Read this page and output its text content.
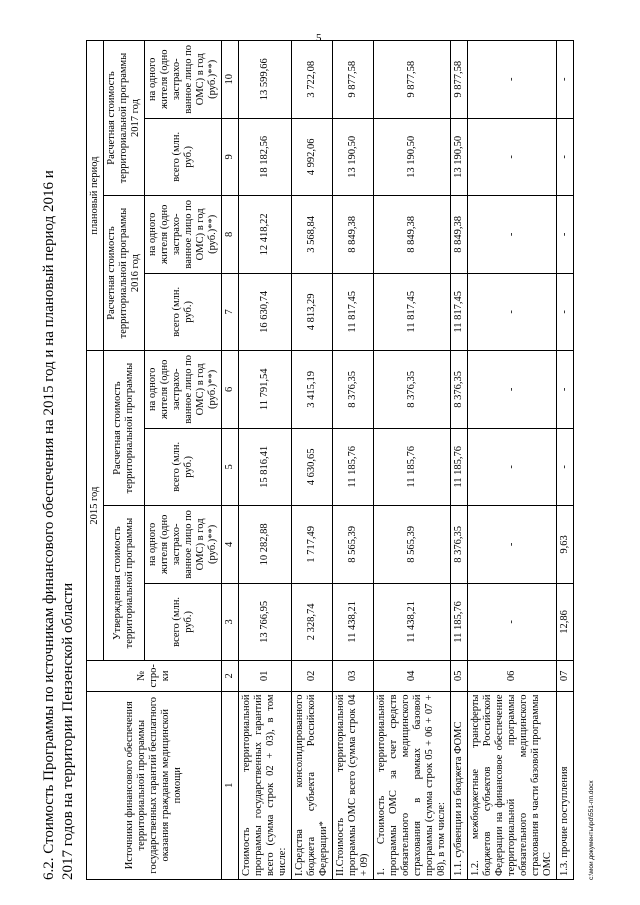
5
6.2. Стоимость Программы по источникам финансового обеспечения на 2015 год и на плановый период 2016 и 2017 годов на территории Пензенской области	Источники финансового обеспечения территориальной программы государственных гарантий бесплатного оказания гражданам медицинской помощи	№ стро-ки	2015 год				плановый период			
		Утвержденная стоимость территориальной программы		Расчетная стоимость территориальной программы		Расчетная стоимость территориальной программы 2016 год		Расчетная стоимость территориальной программы 2017 год	
		всего (млн. руб.)	на одного жителя (одно застрахо-ванное лицо по ОМС) в год (руб.)**)	всего (млн. руб.)	на одного жителя (одно застрахо-ванное лицо по ОМС) в год (руб.)**)	всего (млн. руб.)	на одного жителя (одно застрахо-ванное лицо по ОМС) в год (руб.)**)	всего (млн. руб.)	на одного жителя (одно застрахо-ванное лицо по ОМС) в год (руб.)**)
1	2	3	4	5	6	7	8	9	10
Стоимость территориальной программы государственных гарантий всего (сумма строк 02 + 03), в том числе:	01	13 766,95	10 282,88	15 816,41	11 791,54	16 630,74	12 418,22	18 182,56	13 599,66
I.Средства консолидированного бюджета субъекта Российской Федерации*	02	2 328,74	1 717,49	4 630,65	3 415,19	4 813,29	3 568,84	4 992,06	3 722,08
II.Стоимость территориальной программы ОМС всего (сумма строк 04 + 09)	03	11 438,21	8 565,39	11 185,76	8 376,35	11 817,45	8 849,38	13 190,50	9 877,58
1. Стоимость территориальной программы ОМС за счет средств обязательного медицинского страхования в рамках базовой программы (сумма строк 05 + 06 + 07 + 08), в том числе:	04	11 438,21	8 565,39	11 185,76	8 376,35	11 817,45	8 849,38	13 190,50	9 877,58
1.1. субвенции из бюджета ФОМС	05	11 185,76	8 376,35	11 185,76	8 376,35	11 817,45	8 849,38	13 190,50	9 877,58
1.2. межбюджетные трансферты бюджетов субъектов Российской Федерации на финансовое обеспечение территориальной программы обязательного медицинского страхования в части базовой программы ОМС	06	-	-	-	-	-	-	-	-
1.3. прочие поступления	07	12,86	9,63	-	-	-	-	-	-
c:\мои документы\pd\551-пп.docx
